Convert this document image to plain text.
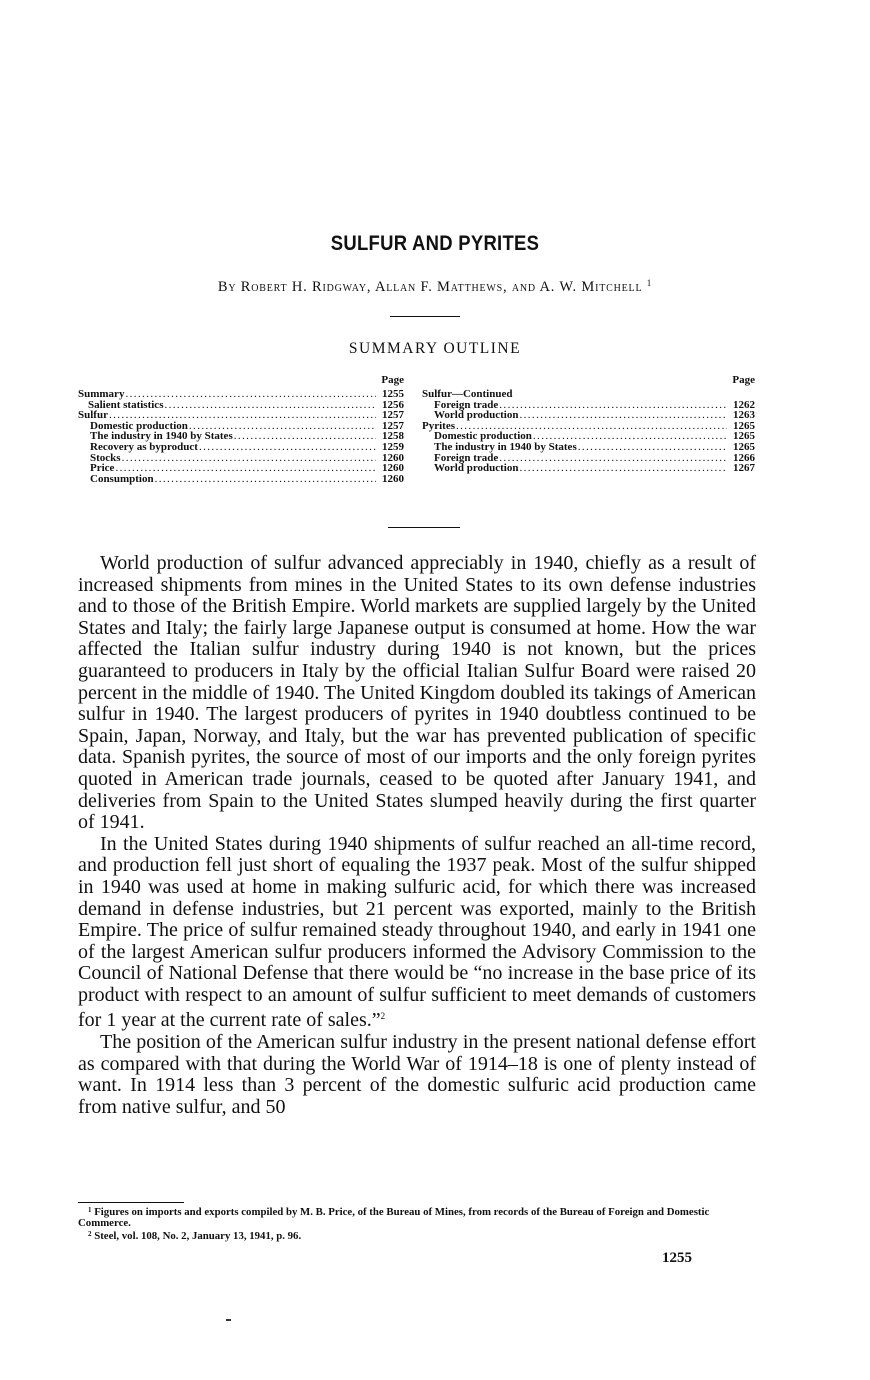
SULFUR AND PYRITES
By Robert H. Ridgway, Allan F. Matthews, and A. W. Mitchell $^1$
SUMMARY OUTLINE
Page
Summary .....	1255
Salient statistics .....	1256
Sulfur .....	1257
Domestic production .....	1257
The industry in 1940 by States .....	1258
Recovery as byproduct .....	1259
Stocks .....	1260
Price .....	1260
Consumption .....	1260
Page
Sulfur—Continued
Foreign trade .....	1262
World production .....	1263
Pyrites .....	1265
Domestic production .....	1265
The industry in 1940 by States .....	1265
Foreign trade .....	1266
World production .....	1267

World production of sulfur advanced appreciably in 1940, chiefly as a result of increased shipments from mines in the United States to its own defense industries and to those of the British Empire. World markets are supplied largely by the United States and Italy; the fairly large Japanese output is consumed at home. How the war affected the Italian sulfur industry during 1940 is not known, but the prices guaranteed to producers in Italy by the official Italian Sulfur Board were raised 20 percent in the middle of 1940. The United Kingdom doubled its takings of American sulfur in 1940. The largest producers of pyrites in 1940 doubtless continued to be Spain, Japan, Norway, and Italy, but the war has prevented publication of specific data. Spanish pyrites, the source of most of our imports and the only foreign pyrites quoted in American trade journals, ceased to be quoted after January 1941, and deliveries from Spain to the United States slumped heavily during the first quarter of 1941.

In the United States during 1940 shipments of sulfur reached an all-time record, and production fell just short of equaling the 1937 peak. Most of the sulfur shipped in 1940 was used at home in making sulfuric acid, for which there was increased demand in defense industries, but 21 percent was exported, mainly to the British Empire. The price of sulfur remained steady throughout 1940, and early in 1941 one of the largest American sulfur producers informed the Advisory Commission to the Council of National Defense that there would be “no increase in the base price of its product with respect to an amount of sulfur sufficient to meet demands of customers for 1 year at the current rate of sales.”$^2$

The position of the American sulfur industry in the present national defense effort as compared with that during the World War of 1914–18 is one of plenty instead of want. In 1914 less than 3 percent of the domestic sulfuric acid production came from native sulfur, and 50

$^1$ Figures on imports and exports compiled by M. B. Price, of the Bureau of Mines, from records of the Bureau of Foreign and Domestic Commerce.

$^2$ Steel, vol. 108, No. 2, January 13, 1941, p. 96.

1255
